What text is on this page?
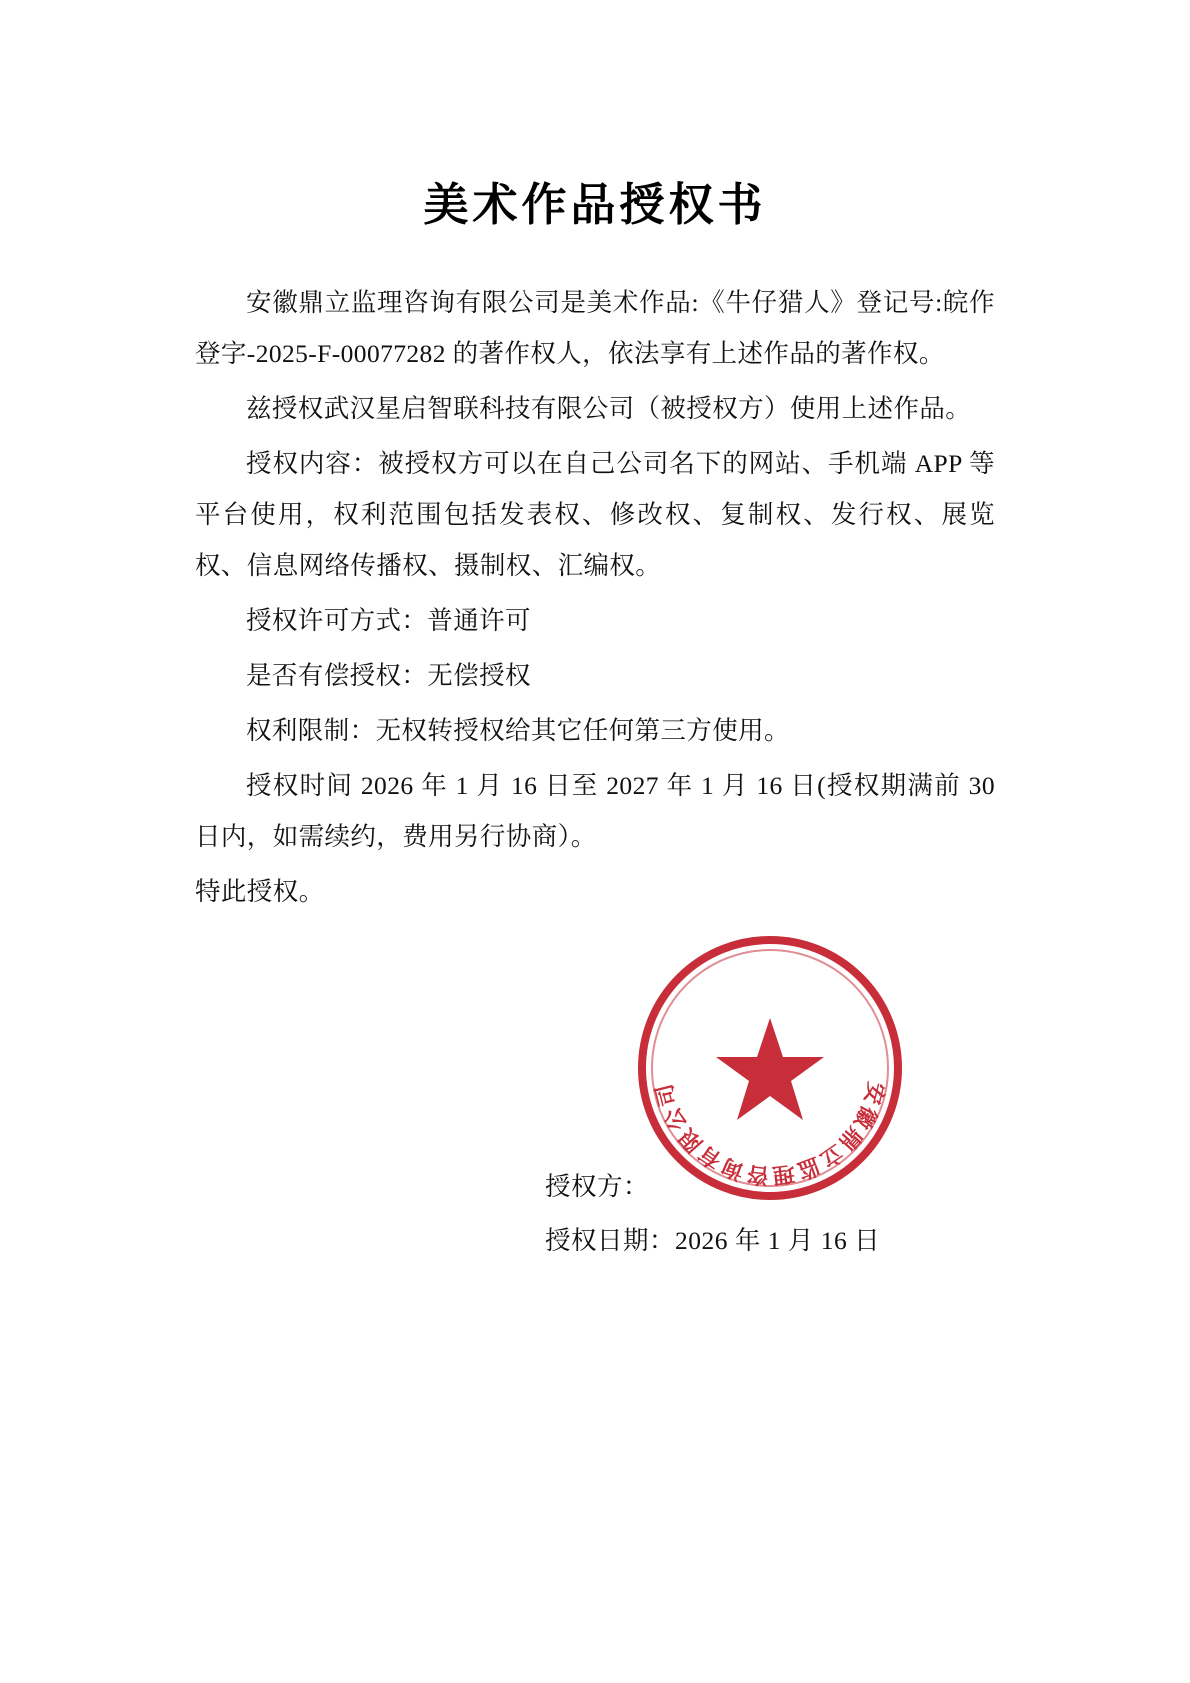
美术作品授权书

安徽鼎立监理咨询有限公司是美术作品:《牛仔猎人》登记号:皖作登字-2025-F-00077282 的著作权人，依法享有上述作品的著作权。

兹授权武汉星启智联科技有限公司（被授权方）使用上述作品。

授权内容：被授权方可以在自己公司名下的网站、手机端 APP 等平台使用，权利范围包括发表权、修改权、复制权、发行权、展览权、信息网络传播权、摄制权、汇编权。

授权许可方式：普通许可

是否有偿授权：无偿授权

权利限制：无权转授权给其它任何第三方使用。

授权时间 2026 年 1 月 16 日至 2027 年 1 月 16 日(授权期满前 30 日内，如需续约，费用另行协商）。

特此授权。

安徽鼎立监理咨询有限公司

授权方：

授权日期：2026 年 1 月 16 日
